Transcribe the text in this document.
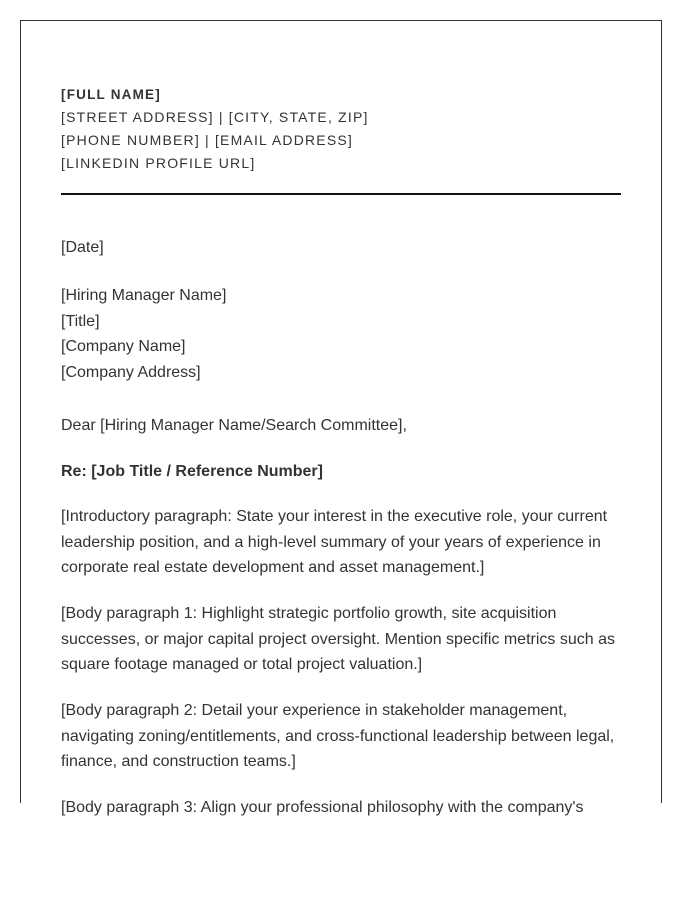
[FULL NAME]
[STREET ADDRESS] | [CITY, STATE, ZIP]
[PHONE NUMBER] | [EMAIL ADDRESS]
[LINKEDIN PROFILE URL]
[Date]
[Hiring Manager Name]
[Title]
[Company Name]
[Company Address]
Dear [Hiring Manager Name/Search Committee],
Re: [Job Title / Reference Number]
[Introductory paragraph: State your interest in the executive role, your current
leadership position, and a high-level summary of your years of experience in
corporate real estate development and asset management.]
[Body paragraph 1: Highlight strategic portfolio growth, site acquisition
successes, or major capital project oversight. Mention specific metrics such as
square footage managed or total project valuation.]
[Body paragraph 2: Detail your experience in stakeholder management,
navigating zoning/entitlements, and cross-functional leadership between legal,
finance, and construction teams.]
[Body paragraph 3: Align your professional philosophy with the company's
